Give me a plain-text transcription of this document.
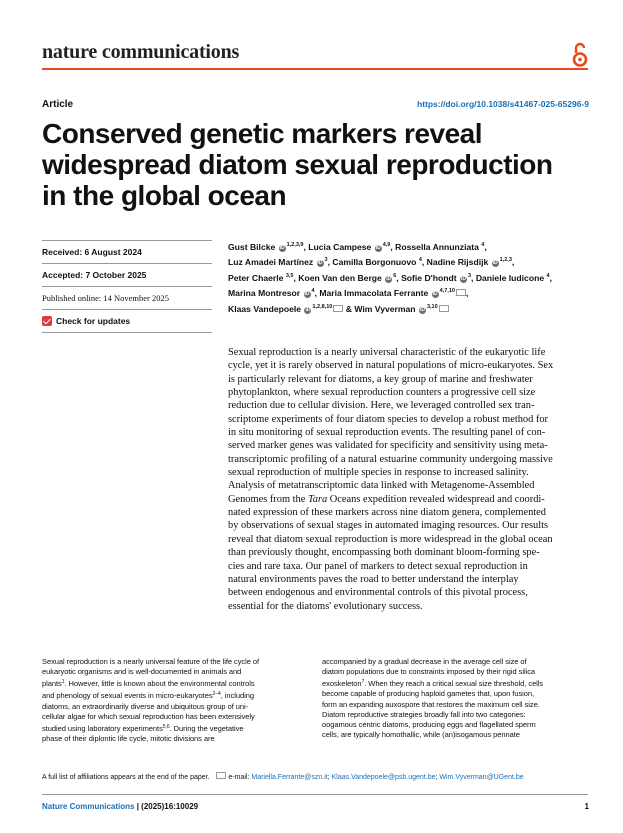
nature communications

Article	https://doi.org/10.1038/s41467-025-65296-9

Conserved genetic markers reveal widespread diatom sexual reproduction in the global ocean
Received: 6 August 2024
Accepted: 7 October 2025
Published online: 14 November 2025
Check for updates
Gust Bilcke iD $^{1,2,3,9}$, Lucia Campese iD $^{4,9}$, Rossella Annunziata $^4$,
Luz Amadei Martínez iD $^3$, Camilla Borgonuovo $^4$, Nadine Rijsdijk iD $^{1,2,3}$,
Peter Chaerle $^{3,5}$, Koen Van den Berge iD $^6$, Sofie D'hondt iD $^3$, Daniele Iudicone $^4$,
Marina Montresor iD $^4$, Maria Immacolata Ferrante iD $^{4,7,10}$ ,
Klaas Vandepoele iD $^{1,2,8,10}$ & Wim Vyverman iD $^{3,10}$

Sexual reproduction is a nearly universal characteristic of the eukaryotic life
cycle, yet it is rarely observed in natural populations of micro-eukaryotes. Sex
is particularly relevant for diatoms, a key group of marine and freshwater
phytoplankton, where sexual reproduction counters a progressive cell size
reduction due to cellular division. Here, we leveraged controlled sex tran-
scriptome experiments of four diatom species to develop a robust method for
in situ monitoring of sexual reproduction events. The resulting panel of con-
served marker genes was validated for specificity and sensitivity using meta-
transcriptomic profiling of a natural estuarine community undergoing massive
sexual reproduction of multiple species in response to increased salinity.
Analysis of metatranscriptomic data linked with Metagenome-Assembled
Genomes from the Tara Oceans expedition revealed widespread and coordi-
nated expression of these markers across nine diatom genera, complemented
by observations of sexual stages in automated imaging resources. Our results
reveal that diatom sexual reproduction is more widespread in the global ocean
than previously thought, encompassing both dominant bloom-forming spe-
cies and rare taxa. Our panel of markers to detect sexual reproduction in
natural environments paves the road to better understand the interplay
between endogenous and environmental controls of this pivotal process,
essential for the diatoms' evolutionary success.

Sexual reproduction is a nearly universal feature of the life cycle of
eukaryotic organisms and is well-documented in animals and
plants$^1$. However, little is known about the environmental controls
and phenology of sexual events in micro-eukaryotes$^{2-4}$, including
diatoms, an extraordinarily diverse and ubiquitous group of uni-
cellular algae for which sexual reproduction has been extensively
studied using laboratory experiments$^{5,6}$. During the vegetative
phase of their diplontic life cycle, mitotic divisions are
accompanied by a gradual decrease in the average cell size of
diatom populations due to constraints imposed by their rigid silica
exoskeleton$^7$. When they reach a critical sexual size threshold, cells
become capable of producing haploid gametes that, upon fusion,
form an expanding auxospore that restores the maximum cell size.
Diatom reproductive strategies broadly fall into two categories:
oogamous centric diatoms, producing eggs and flagellated sperm
cells, are typically homothallic, while (an)isogamous pennate

A full list of affiliations appears at the end of the paper.	e-mail: Mariella.Ferrante@szn.it; Klaas.Vandepoele@psb.ugent.be; Wim.Vyverman@UGent.be

Nature Communications | (2025)16:10029	1
